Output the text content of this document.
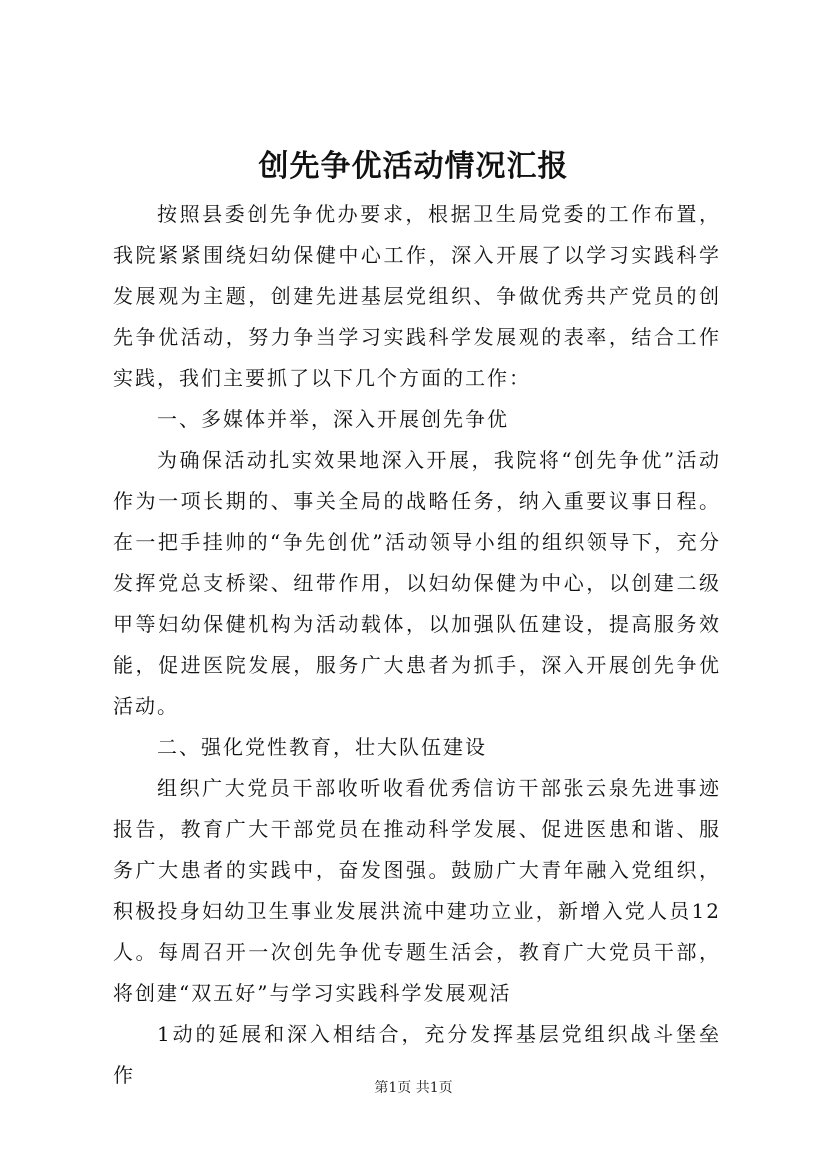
创先争优活动情况汇报

按照县委创先争优办要求，根据卫生局党委的工作布置，我院紧紧围绕妇幼保健中心工作，深入开展了以学习实践科学发展观为主题，创建先进基层党组织、争做优秀共产党员的创先争优活动，努力争当学习实践科学发展观的表率，结合工作实践，我们主要抓了以下几个方面的工作：

一、多媒体并举，深入开展创先争优

为确保活动扎实效果地深入开展，我院将“创先争优”活动作为一项长期的、事关全局的战略任务，纳入重要议事日程。在一把手挂帅的“争先创优”活动领导小组的组织领导下，充分发挥党总支桥梁、纽带作用，以妇幼保健为中心，以创建二级甲等妇幼保健机构为活动载体，以加强队伍建设，提高服务效能，促进医院发展，服务广大患者为抓手，深入开展创先争优活动。

二、强化党性教育，壮大队伍建设

组织广大党员干部收听收看优秀信访干部张云泉先进事迹报告，教育广大干部党员在推动科学发展、促进医患和谐、服务广大患者的实践中，奋发图强。鼓励广大青年融入党组织，积极投身妇幼卫生事业发展洪流中建功立业，新增入党人员12人。每周召开一次创先争优专题生活会，教育广大党员干部，将创建“双五好”与学习实践科学发展观活

1动的延展和深入相结合，充分发挥基层党组织战斗堡垒作

第1页 共1页
